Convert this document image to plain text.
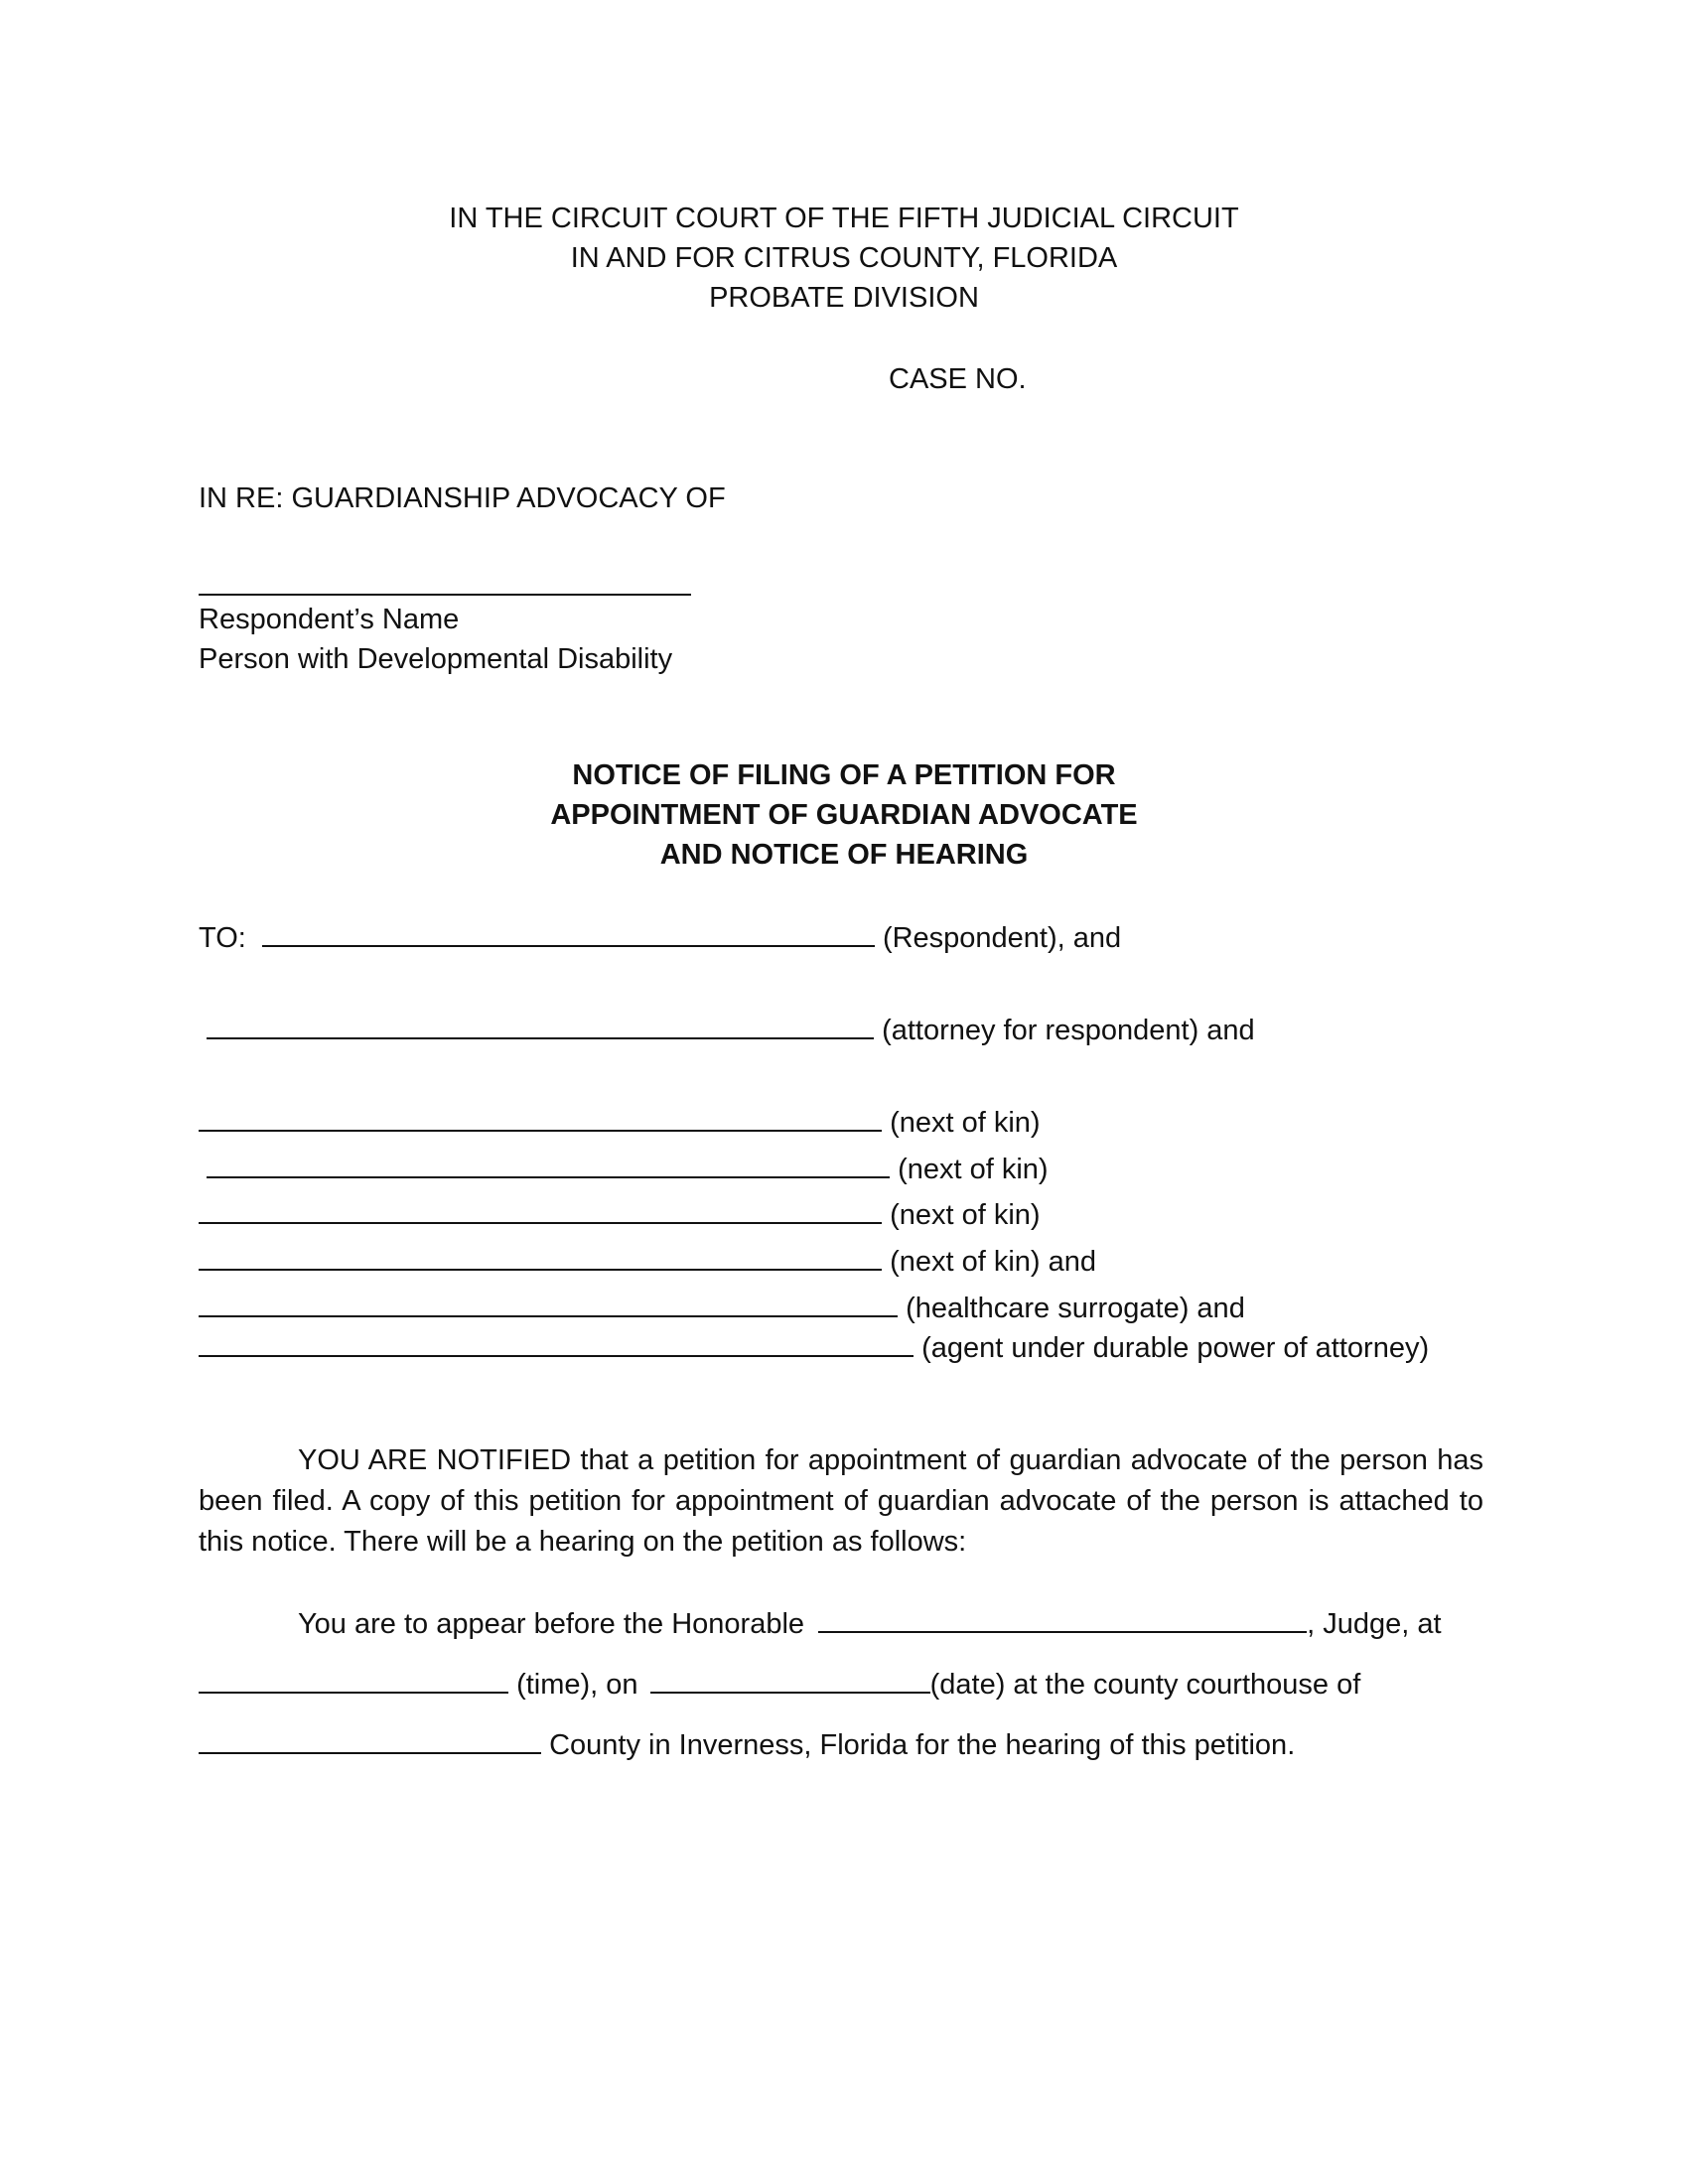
IN THE CIRCUIT COURT OF THE FIFTH JUDICIAL CIRCUIT
IN AND FOR CITRUS COUNTY, FLORIDA
PROBATE DIVISION
CASE NO.
IN RE: GUARDIANSHIP ADVOCACY OF
Respondent’s Name
Person with Developmental Disability
NOTICE OF FILING OF A PETITION FOR
APPOINTMENT OF GUARDIAN ADVOCATE
AND NOTICE OF HEARING
TO:	(Respondent), and
(attorney for respondent) and
(next of kin)
(next of kin)
(next of kin)
(next of kin) and
(healthcare surrogate) and
(agent under durable power of attorney)
YOU ARE NOTIFIED that a petition for appointment of guardian advocate of the person has been filed. A copy of this petition for appointment of guardian advocate of the person is attached to this notice. There will be a hearing on the petition as follows:
You are to appear before the Honorable	, Judge, at
(time), on	(date) at the county courthouse of
County in Inverness, Florida for the hearing of this petition.
